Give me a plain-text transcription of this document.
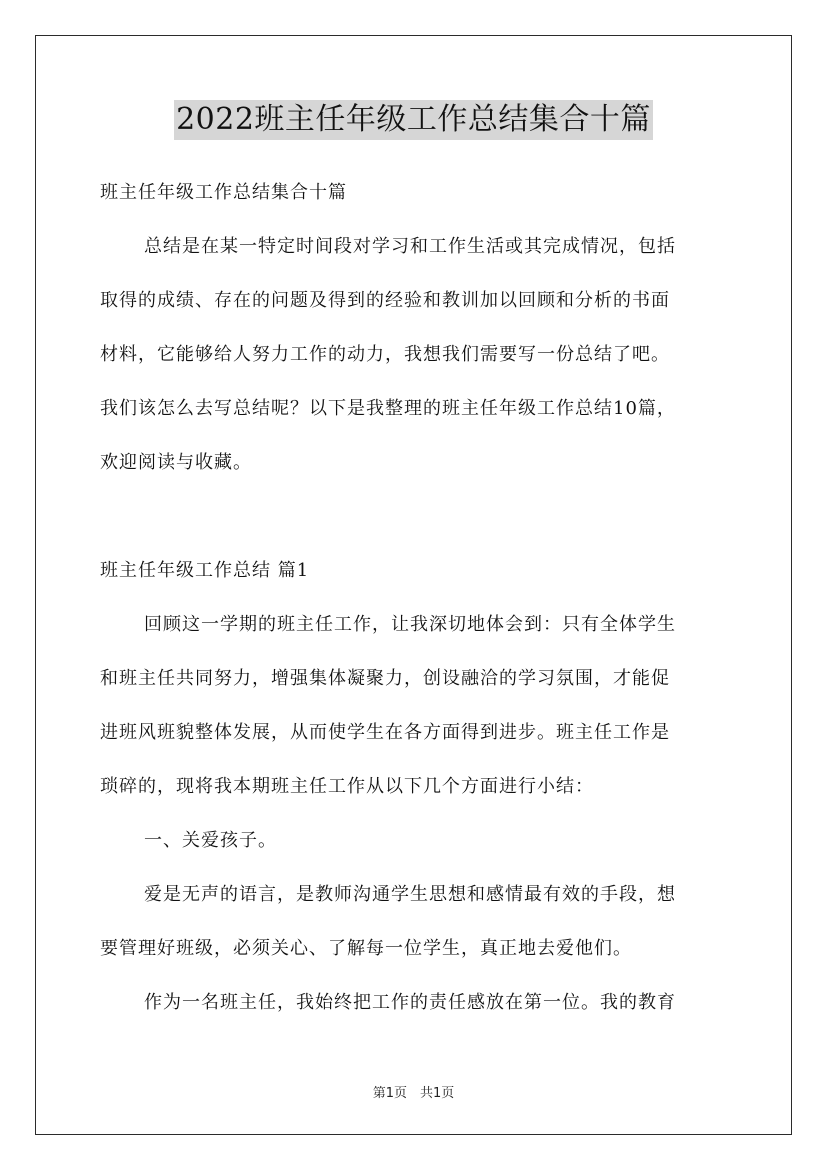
2022班主任年级工作总结集合十篇
班主任年级工作总结集合十篇
总结是在某一特定时间段对学习和工作生活或其完成情况，包括
取得的成绩、存在的问题及得到的经验和教训加以回顾和分析的书面
材料，它能够给人努力工作的动力，我想我们需要写一份总结了吧。
我们该怎么去写总结呢？以下是我整理的班主任年级工作总结10篇，
欢迎阅读与收藏。
班主任年级工作总结 篇1
回顾这一学期的班主任工作，让我深切地体会到：只有全体学生
和班主任共同努力，增强集体凝聚力，创设融洽的学习氛围，才能促
进班风班貌整体发展，从而使学生在各方面得到进步。班主任工作是
琐碎的，现将我本期班主任工作从以下几个方面进行小结：
一、关爱孩子。
爱是无声的语言，是教师沟通学生思想和感情最有效的手段，想
要管理好班级，必须关心、了解每一位学生，真正地去爱他们。
作为一名班主任，我始终把工作的责任感放在第一位。我的教育
第1页　共1页
